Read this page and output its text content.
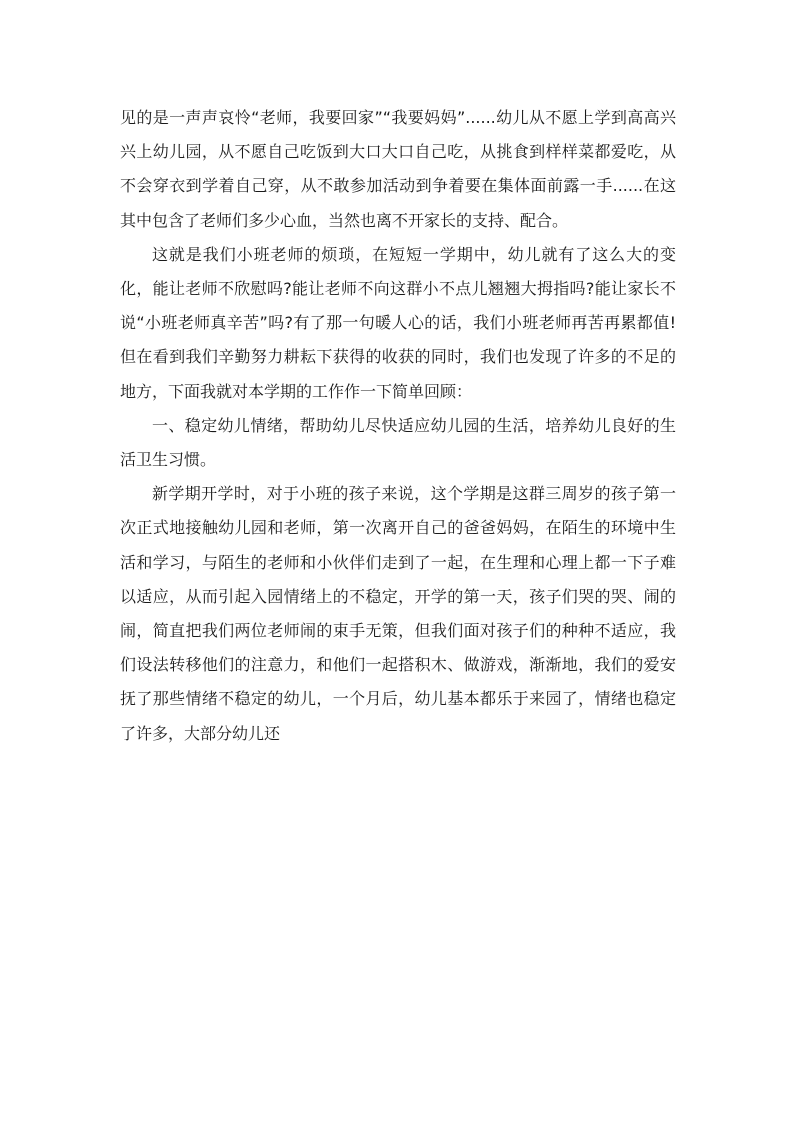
见的是一声声哀怜“老师，我要回家”“我要妈妈”......幼儿从不愿上学到高高兴兴上幼儿园，从不愿自己吃饭到大口大口自己吃，从挑食到样样菜都爱吃，从不会穿衣到学着自己穿，从不敢参加活动到争着要在集体面前露一手......在这其中包含了老师们多少心血，当然也离不开家长的支持、配合。

这就是我们小班老师的烦琐，在短短一学期中，幼儿就有了这么大的变化，能让老师不欣慰吗?能让老师不向这群小不点儿翘翘大拇指吗?能让家长不说“小班老师真辛苦”吗?有了那一句暖人心的话，我们小班老师再苦再累都值!但在看到我们辛勤努力耕耘下获得的收获的同时，我们也发现了许多的不足的地方，下面我就对本学期的工作作一下简单回顾：

一、稳定幼儿情绪，帮助幼儿尽快适应幼儿园的生活，培养幼儿良好的生活卫生习惯。

新学期开学时，对于小班的孩子来说，这个学期是这群三周岁的孩子第一次正式地接触幼儿园和老师，第一次离开自己的爸爸妈妈，在陌生的环境中生活和学习，与陌生的老师和小伙伴们走到了一起，在生理和心理上都一下子难以适应，从而引起入园情绪上的不稳定，开学的第一天，孩子们哭的哭、闹的闹，简直把我们两位老师闹的束手无策，但我们面对孩子们的种种不适应，我们设法转移他们的注意力，和他们一起搭积木、做游戏，渐渐地，我们的爱安抚了那些情绪不稳定的幼儿，一个月后，幼儿基本都乐于来园了，情绪也稳定了许多，大部分幼儿还
